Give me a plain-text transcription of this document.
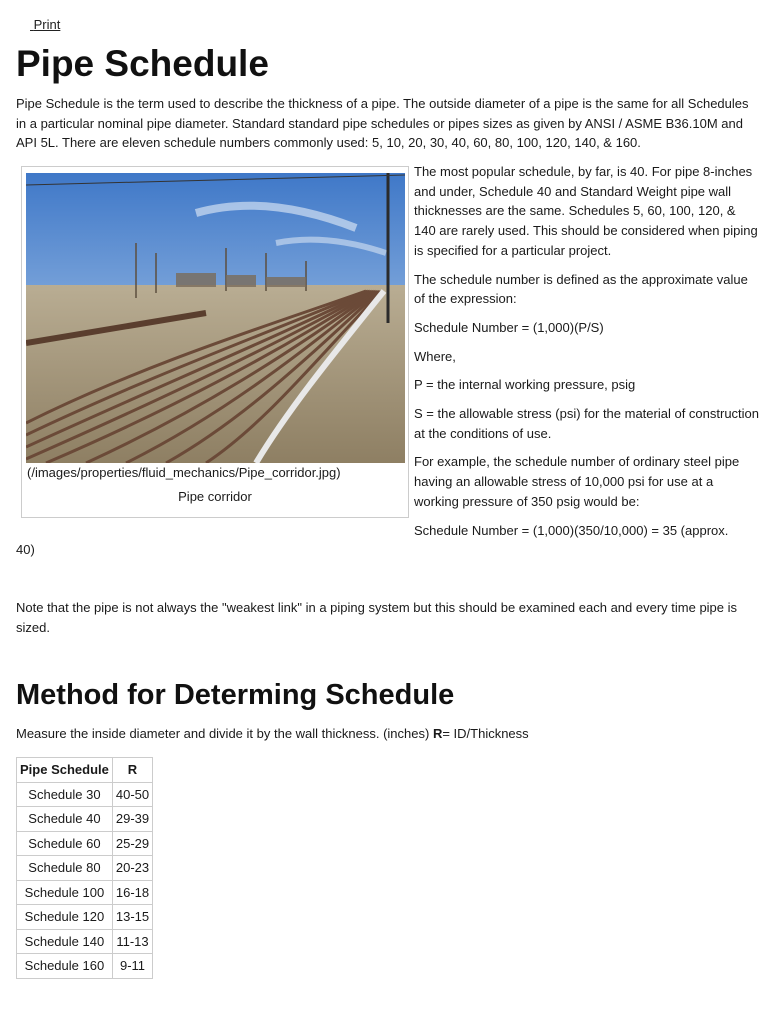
Print
Pipe Schedule

Pipe Schedule is the term used to describe the thickness of a pipe. The outside diameter of a pipe is the same for all Schedules in a particular nominal pipe diameter. Standard standard pipe schedules or pipes sizes as given by ANSI / ASME B36.10M and API 5L. There are eleven schedule numbers commonly used: 5, 10, 20, 30, 40, 60, 80, 100, 120, 140, & 160.

(/images/properties/fluid_mechanics/Pipe_corridor.jpg)
Pipe corridor

The most popular schedule, by far, is 40. For pipe 8-inches and under, Schedule 40 and Standard Weight pipe wall thicknesses are the same. Schedules 5, 60, 100, 120, & 140 are rarely used. This should be considered when piping is specified for a particular project.

The schedule number is defined as the approximate value of the expression:

Schedule Number = (1,000)(P/S)

Where,

P = the internal working pressure, psig

S = the allowable stress (psi) for the material of construction at the conditions of use.

For example, the schedule number of ordinary steel pipe having an allowable stress of 10,000 psi for use at a working pressure of 350 psig would be:

Schedule Number = (1,000)(350/10,000) = 35 (approx.

40)

Note that the pipe is not always the "weakest link" in a piping system but this should be examined each and every time pipe is sized.

Method for Determing Schedule
Measure the inside diameter and divide it by the wall thickness. (inches) R= ID/Thickness
Pipe Schedule	R
Schedule 30	40-50
Schedule 40	29-39
Schedule 60	25-29
Schedule 80	20-23
Schedule 100	16-18
Schedule 120	13-15
Schedule 140	11-13
Schedule 160	9-11
